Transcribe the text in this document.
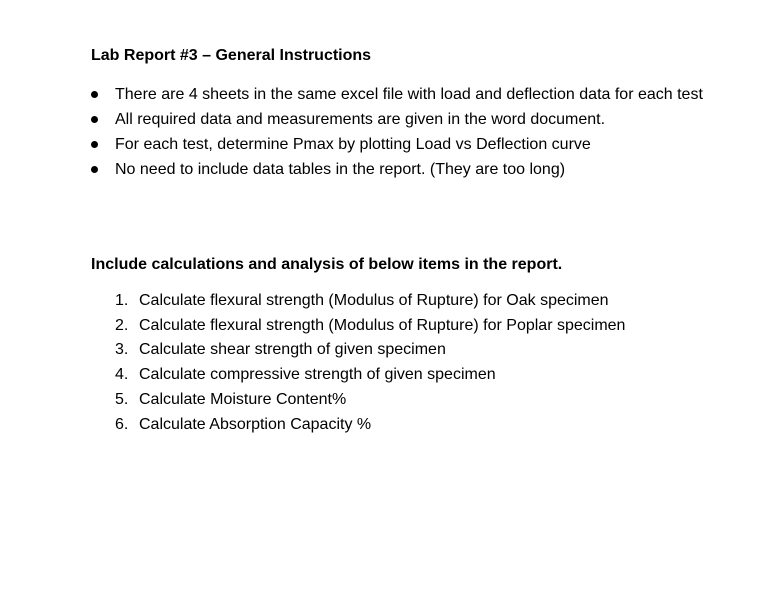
Lab Report #3 – General Instructions
There are 4 sheets in the same excel file with load and deflection data for each test
All required data and measurements are given in the word document.
For each test, determine Pmax by plotting Load vs Deflection curve
No need to include data tables in the report. (They are too long)
Include calculations and analysis of below items in the report.
1. Calculate flexural strength (Modulus of Rupture) for Oak specimen
2. Calculate flexural strength (Modulus of Rupture) for Poplar specimen
3. Calculate shear strength of given specimen
4. Calculate compressive strength of given specimen
5. Calculate Moisture Content%
6. Calculate Absorption Capacity %
